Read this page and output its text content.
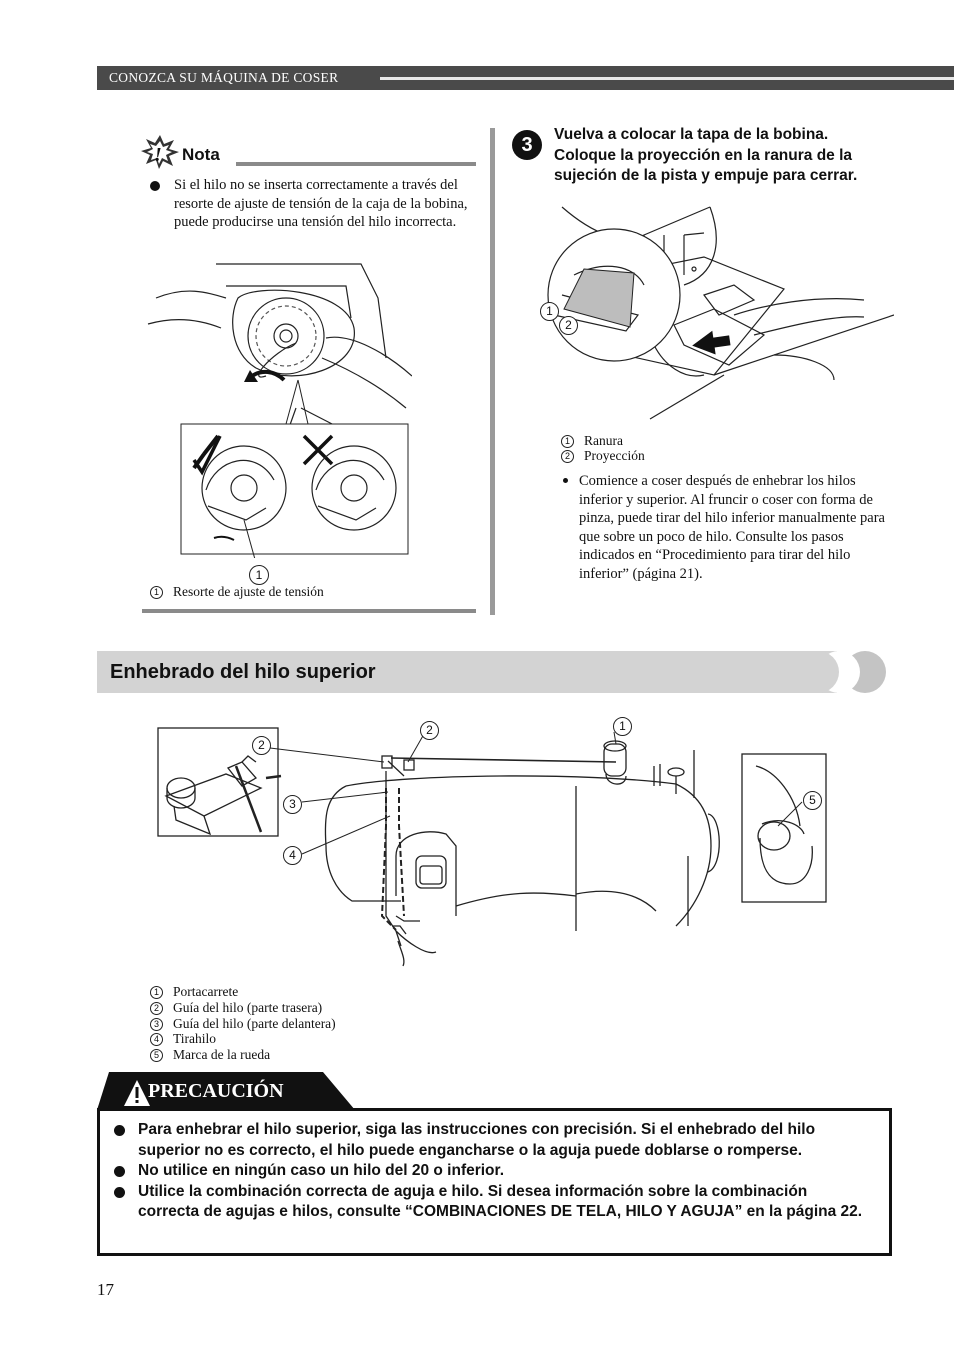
CONOZCA SU MÁQUINA DE COSER
! Nota
Si el hilo no se inserta correctamente a través del resorte de ajuste de tensión de la caja de la bobina, puede producirse una tensión del hilo incorrecta.
1
1 Resorte de ajuste de tensión
3	Vuelva a colocar la tapa de la bobina. Coloque la proyección en la ranura de la sujeción de la pista y empuje para cerrar.
1
2
1 Ranura
2 Proyección
Comience a coser después de enhebrar los hilos inferior y superior. Al fruncir o coser con forma de pinza, puede tirar del hilo inferior manualmente para que sobre un poco de hilo. Consulte los pasos indicados en “Procedimiento para tirar del hilo inferior” (página 21).
Enhebrado del hilo superior
1
2
2
3
4
5
1 Portacarrete
2 Guía del hilo (parte trasera)
3 Guía del hilo (parte delantera)
4 Tirahilo
5 Marca de la rueda
PRECAUCIÓN
Para enhebrar el hilo superior, siga las instrucciones con precisión. Si el enhebrado del hilo superior no es correcto, el hilo puede engancharse o la aguja puede doblarse o romperse.
No utilice en ningún caso un hilo del 20 o inferior.
Utilice la combinación correcta de aguja e hilo. Si desea información sobre la combinación correcta de agujas e hilos, consulte “COMBINACIONES DE TELA, HILO Y AGUJA” en la página 22.
17
